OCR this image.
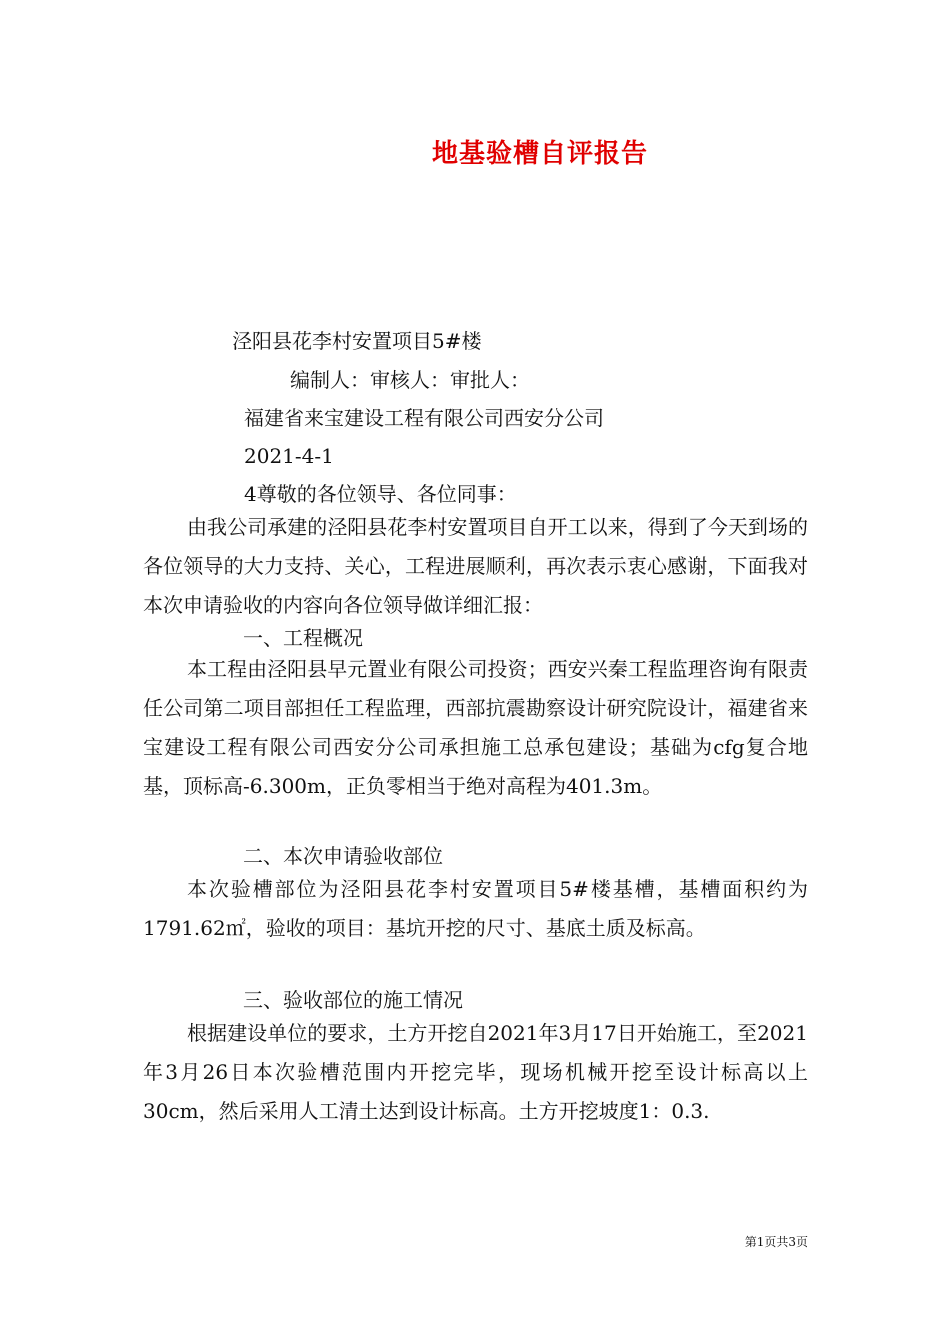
地基验槽自评报告
泾阳县花李村安置项目5#楼
编制人：审核人：审批人：
福建省来宝建设工程有限公司西安分公司
2021-4-1
4尊敬的各位领导、各位同事：

由我公司承建的泾阳县花李村安置项目自开工以来，得到了今天到场的各位领导的大力支持、关心，工程进展顺利，再次表示衷心感谢，下面我对本次申请验收的内容向各位领导做详细汇报：

一、工程概况

本工程由泾阳县早元置业有限公司投资；西安兴秦工程监理咨询有限责任公司第二项目部担任工程监理，西部抗震勘察设计研究院设计，福建省来宝建设工程有限公司西安分公司承担施工总承包建设；基础为cfg复合地基，顶标高-6.300m，正负零相当于绝对高程为401.3m。

二、本次申请验收部位

本次验槽部位为泾阳县花李村安置项目5#楼基槽，基槽面积约为1791.62㎡，验收的项目：基坑开挖的尺寸、基底土质及标高。

三、验收部位的施工情况

根据建设单位的要求，土方开挖自2021年3月17日开始施工，至2021年3月26日本次验槽范围内开挖完毕，现场机械开挖至设计标高以上30cm，然后采用人工清土达到设计标高。土方开挖坡度1：0.3.

第1页共3页
